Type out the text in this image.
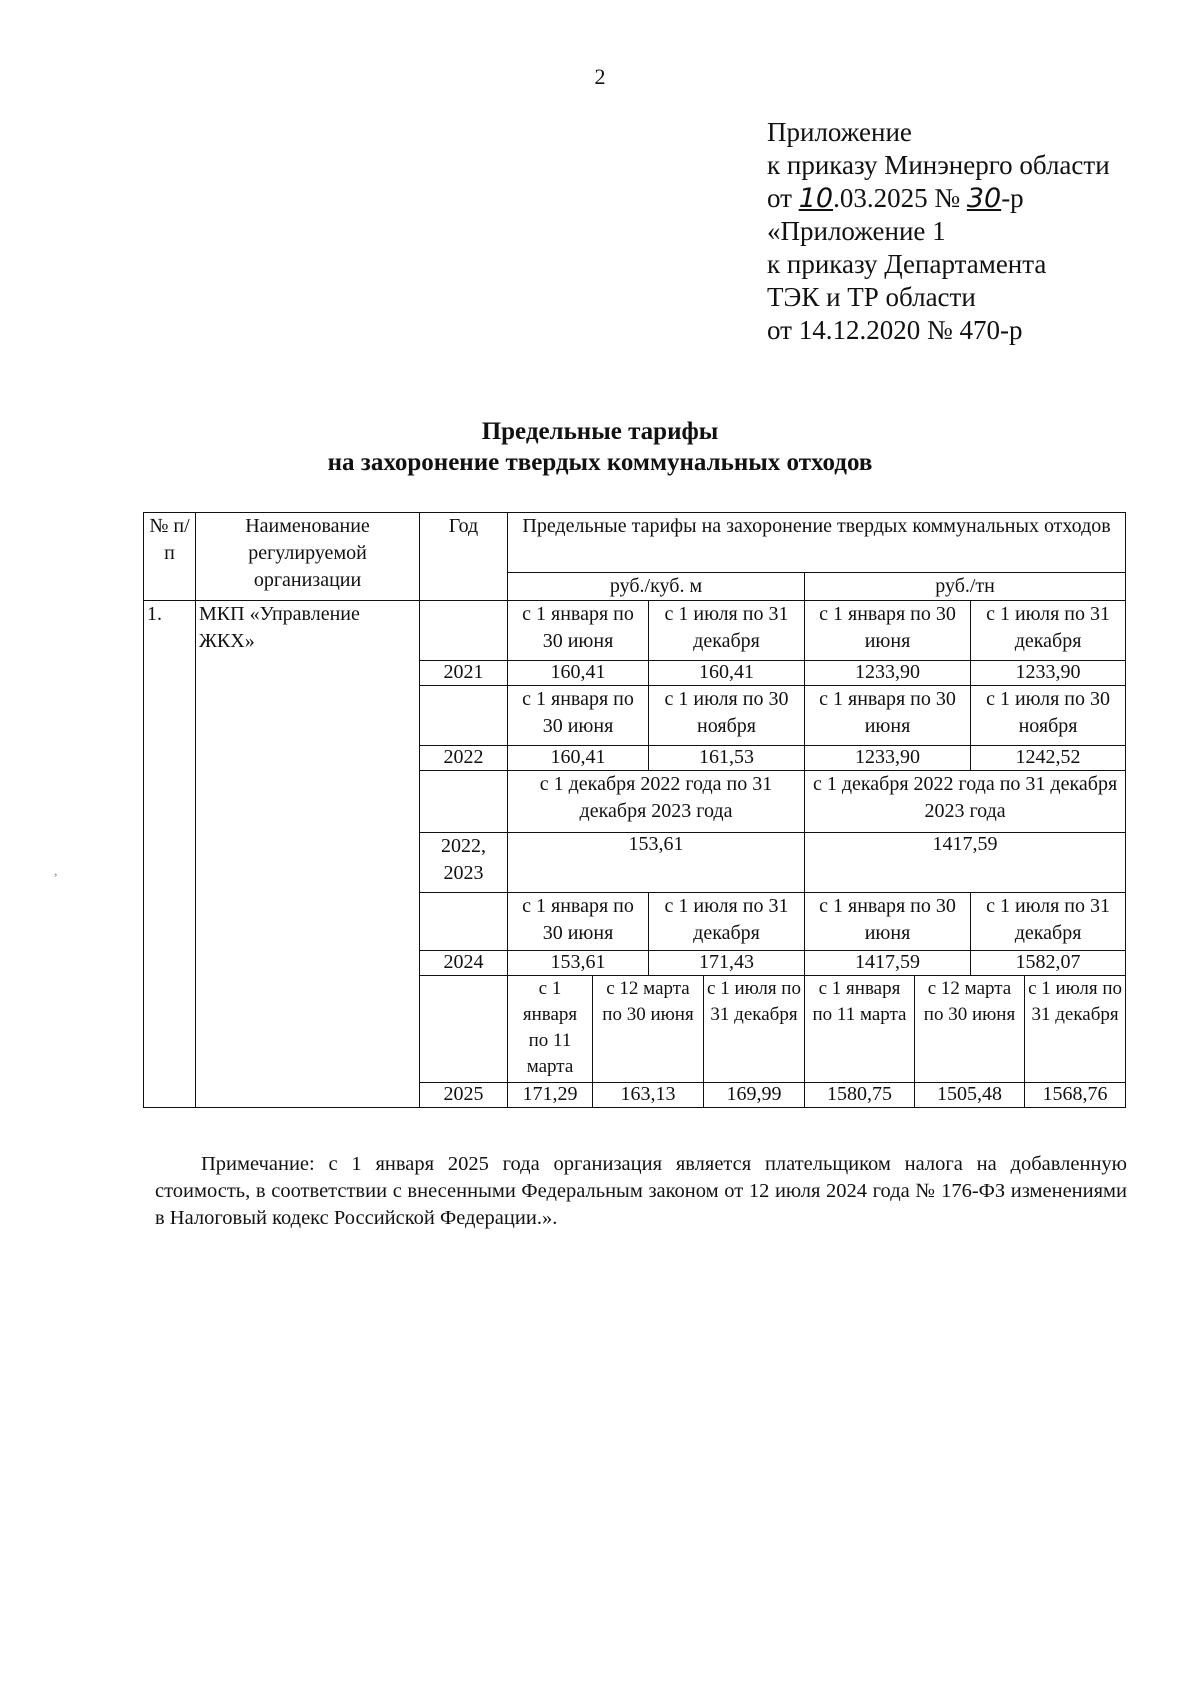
2
Приложение
к приказу Минэнерго области
от 10.03.2025 № 30-р
«Приложение 1
к приказу Департамента
ТЭК и ТР области
от 14.12.2020 № 470-р
Предельные тарифы
на захоронение твердых коммунальных отходов
,
№ п/п	Наименование регулируемой организации	Год	Предельные тарифы на захоронение твердых коммунальных отходов							
			руб./куб. м				руб./тн			
1.	МКП «Управление ЖКХ»		с 1 января по 30 июня		с 1 июля по 31 декабря		с 1 января по 30 июня		с 1 июля по 31 декабря	
		2021	160,41		160,41		1233,90		1233,90	
			с 1 января по 30 июня		с 1 июля по 30 ноября		с 1 января по 30 июня		с 1 июля по 30 ноября	
		2022	160,41		161,53		1233,90		1242,52	
			с 1 декабря 2022 года по 31 декабря 2023 года				с 1 декабря 2022 года по 31 декабря 2023 года			
		2022, 2023	153,61				1417,59			
			с 1 января по 30 июня		с 1 июля по 31 декабря		с 1 января по 30 июня		с 1 июля по 31 декабря	
		2024	153,61		171,43		1417,59		1582,07	
			с 1 января по 11 марта	с 12 марта по 30 июня		с 1 июля по 31 декабря	с 1 января по 11 марта	с 12 марта по 30 июня		с 1 июля по 31 декабря
		2025	171,29	163,13		169,99	1580,75	1505,48		1568,76
Примечание: с 1 января 2025 года организация является плательщиком налога на добавленную стоимость, в соответствии с внесенными Федеральным законом от 12 июля 2024 года № 176-ФЗ изменениями в Налоговый кодекс Российской Федерации.».
